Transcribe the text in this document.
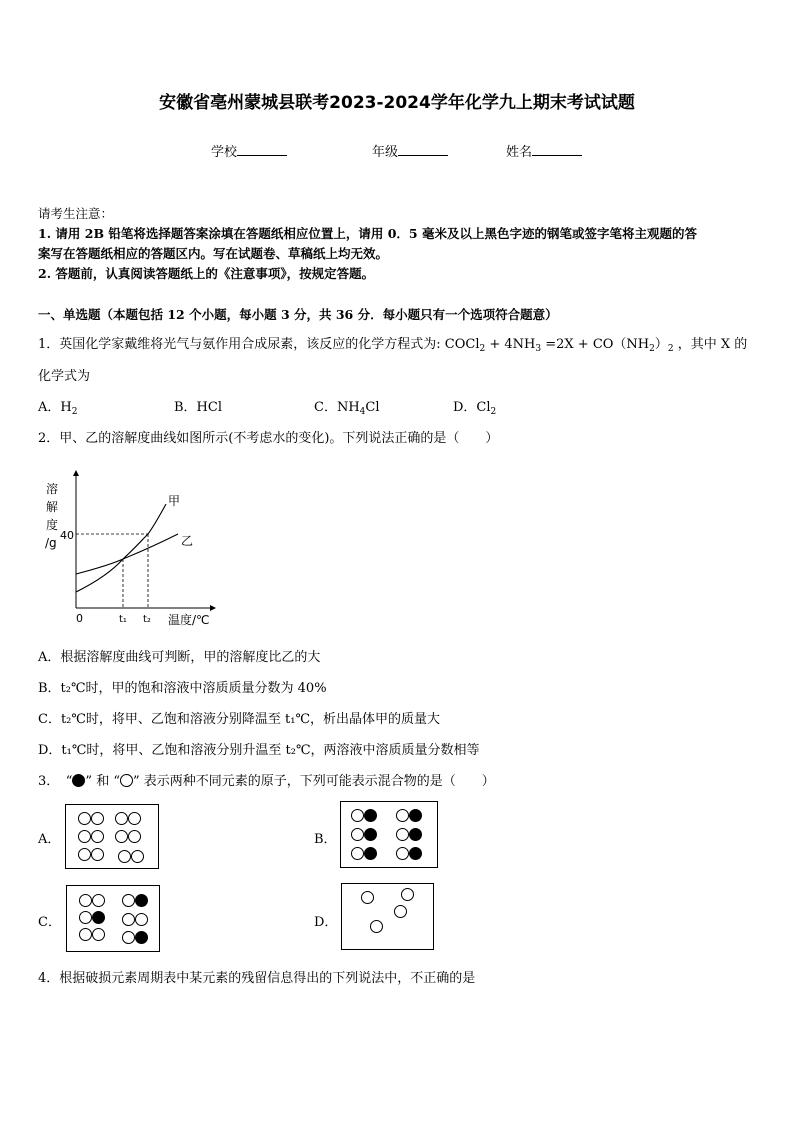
安徽省亳州蒙城县联考2023-2024学年化学九上期末考试试题
学校	年级	姓名
请考生注意：
1. 请用 2B 铅笔将选择题答案涂填在答题纸相应位置上，请用 0．5 毫米及以上黑色字迹的钢笔或签字笔将主观题的答
案写在答题纸相应的答题区内。写在试题卷、草稿纸上均无效。
2. 答题前，认真阅读答题纸上的《注意事项》，按规定答题。
一、单选题（本题包括 12 个小题，每小题 3 分，共 36 分．每小题只有一个选项符合题意）
1．英国化学家戴维将光气与氨作用合成尿素，该反应的化学方程式为: COCl$_2$ + $4NH_3 =2X + CO(NH_2)_2$ ，其中 X 的
化学式为
A．$H_2$	B．HCl	C．$NH_4Cl$	D．$Cl_2$
2．甲、乙的溶解度曲线如图所示(不考虑水的变化)。下列说法正确的是（　　）
溶
解
度
/g
40
0	t₁ t₂ 温度/℃
甲
乙
A．根据溶解度曲线可判断，甲的溶解度比乙的大
B．t₂℃时，甲的饱和溶液中溶质质量分数为 40%
C．t₂℃时，将甲、乙饱和溶液分别降温至 t₁℃，析出晶体甲的质量大
D．t₁℃时，将甲、乙饱和溶液分别升温至 t₂℃，两溶液中溶质质量分数相等
3．　“ ” 和 “ ” 表示两种不同元素的原子，下列可能表示混合物的是（　　）
A．	B．
C．	D．
4．根据破损元素周期表中某元素的残留信息得出的下列说法中，不正确的是
